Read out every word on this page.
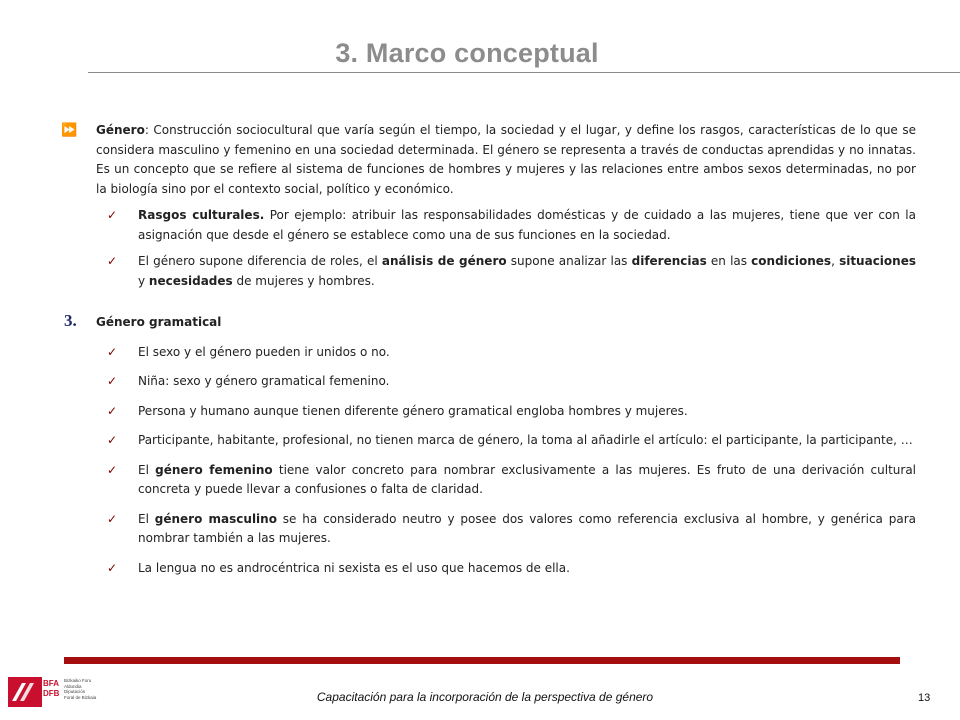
3. Marco conceptual
⏩ Género: Construcción sociocultural que varía según el tiempo, la sociedad y el lugar, y define los rasgos, características de lo que se considera masculino y femenino en una sociedad determinada. El género se representa a través de conductas aprendidas y no innatas. Es un concepto que se refiere al sistema de funciones de hombres y mujeres y las relaciones entre ambos sexos determinadas, no por la biología sino por el contexto social, político y económico.

✓ Rasgos culturales. Por ejemplo: atribuir las responsabilidades domésticas y de cuidado a las mujeres, tiene que ver con la asignación que desde el género se establece como una de sus funciones en la sociedad.
✓ El género supone diferencia de roles, el análisis de género supone analizar las diferencias en las condiciones, situaciones y necesidades de mujeres y hombres.
3. Género gramatical
✓ El sexo y el género pueden ir unidos o no.
✓ Niña: sexo y género gramatical femenino.
✓ Persona y humano aunque tienen diferente género gramatical engloba hombres y mujeres.
✓ Participante, habitante, profesional, no tienen marca de género, la toma al añadirle el artículo: el participante, la participante, …
✓ El género femenino tiene valor concreto para nombrar exclusivamente a las mujeres. Es fruto de una derivación cultural concreta y puede llevar a confusiones o falta de claridad.
✓ El género masculino se ha considerado neutro y posee dos valores como referencia exclusiva al hombre, y genérica para nombrar también a las mujeres.
✓ La lengua no es androcéntrica ni sexista es el uso que hacemos de ella.
BFA
DFB
Bizkaiko Foru
Aldundia
Diputación
Foral de Bizkaia	Capacitación para la incorporación de la perspectiva de género	13
